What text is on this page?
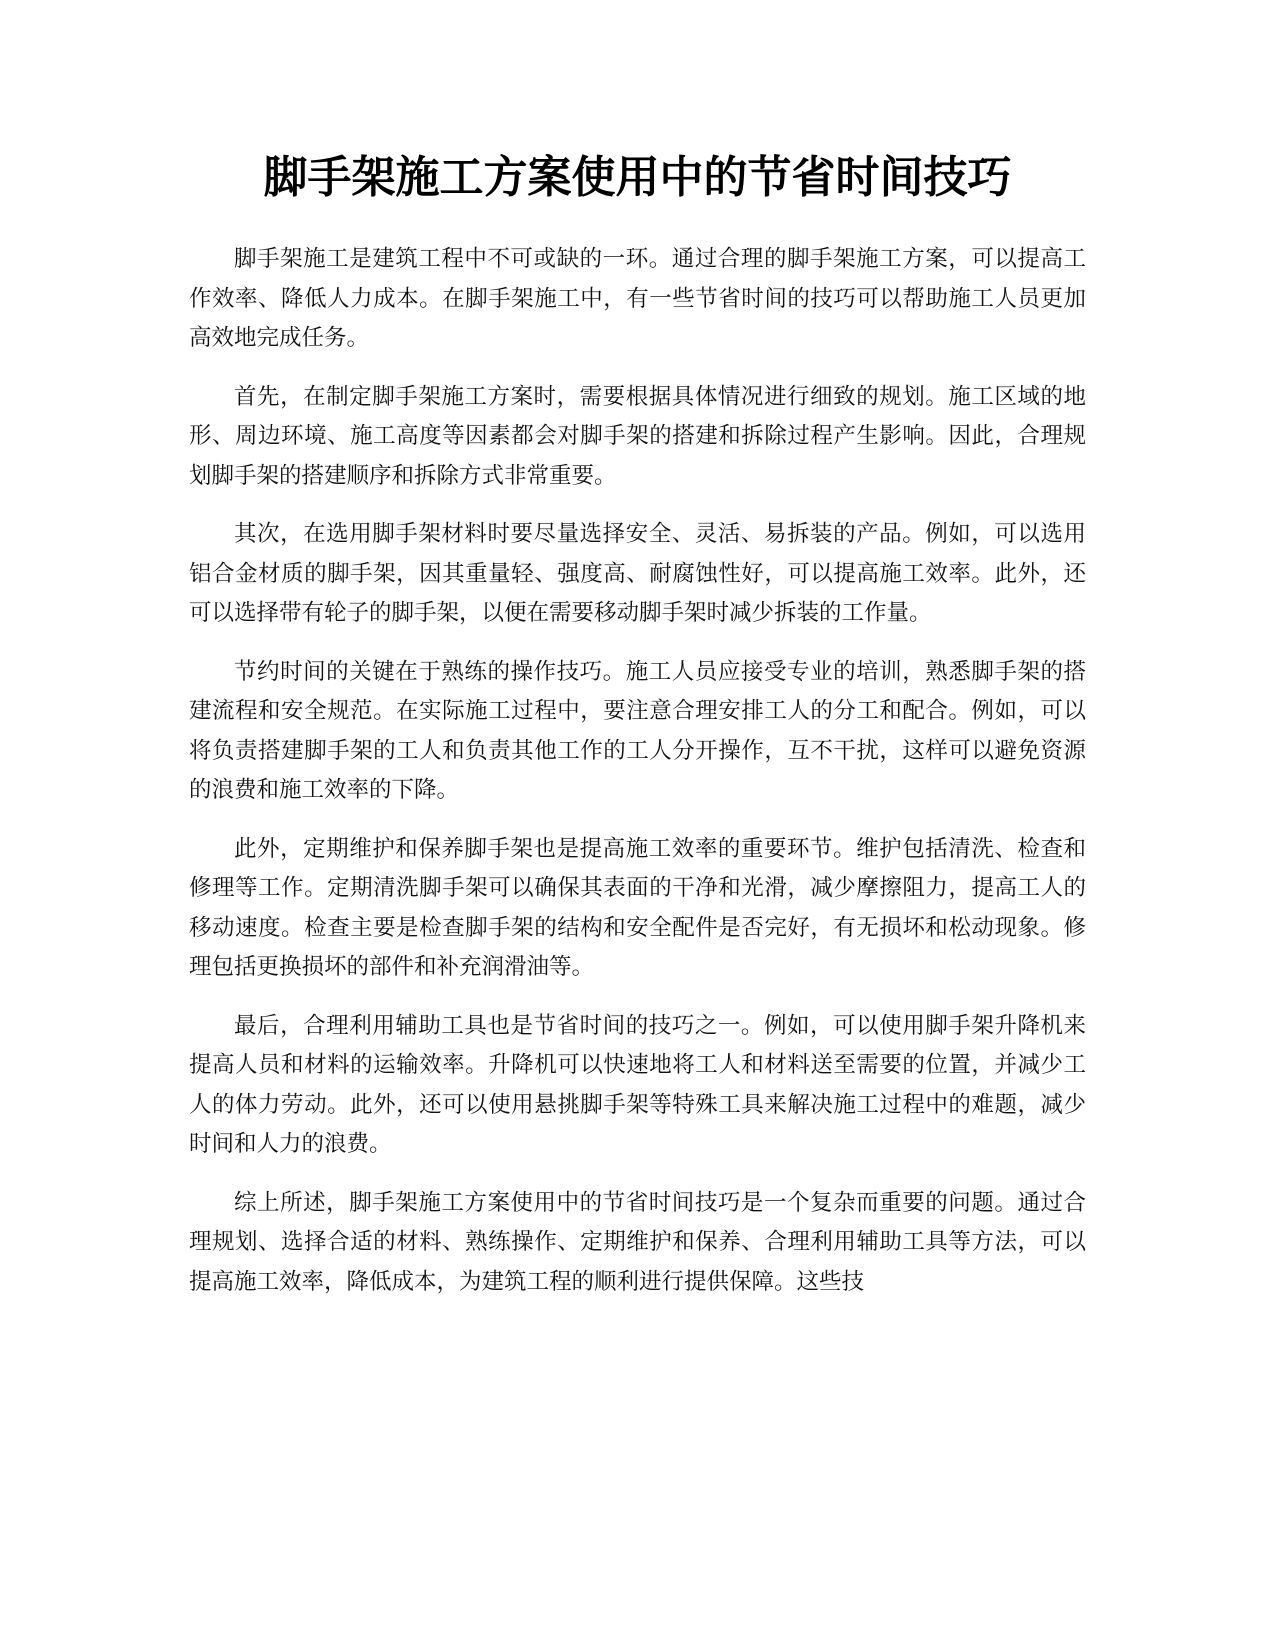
脚手架施工方案使用中的节省时间技巧

脚手架施工是建筑工程中不可或缺的一环。通过合理的脚手架施工方案，可以提高工作效率、降低人力成本。在脚手架施工中，有一些节省时间的技巧可以帮助施工人员更加高效地完成任务。

首先，在制定脚手架施工方案时，需要根据具体情况进行细致的规划。施工区域的地形、周边环境、施工高度等因素都会对脚手架的搭建和拆除过程产生影响。因此，合理规划脚手架的搭建顺序和拆除方式非常重要。

其次，在选用脚手架材料时要尽量选择安全、灵活、易拆装的产品。例如，可以选用铝合金材质的脚手架，因其重量轻、强度高、耐腐蚀性好，可以提高施工效率。此外，还可以选择带有轮子的脚手架，以便在需要移动脚手架时减少拆装的工作量。

节约时间的关键在于熟练的操作技巧。施工人员应接受专业的培训，熟悉脚手架的搭建流程和安全规范。在实际施工过程中，要注意合理安排工人的分工和配合。例如，可以将负责搭建脚手架的工人和负责其他工作的工人分开操作，互不干扰，这样可以避免资源的浪费和施工效率的下降。

此外，定期维护和保养脚手架也是提高施工效率的重要环节。维护包括清洗、检查和修理等工作。定期清洗脚手架可以确保其表面的干净和光滑，减少摩擦阻力，提高工人的移动速度。检查主要是检查脚手架的结构和安全配件是否完好，有无损坏和松动现象。修理包括更换损坏的部件和补充润滑油等。

最后，合理利用辅助工具也是节省时间的技巧之一。例如，可以使用脚手架升降机来提高人员和材料的运输效率。升降机可以快速地将工人和材料送至需要的位置，并减少工人的体力劳动。此外，还可以使用悬挑脚手架等特殊工具来解决施工过程中的难题，减少时间和人力的浪费。

综上所述，脚手架施工方案使用中的节省时间技巧是一个复杂而重要的问题。通过合理规划、选择合适的材料、熟练操作、定期维护和保养、合理利用辅助工具等方法，可以提高施工效率，降低成本，为建筑工程的顺利进行提供保障。这些技
